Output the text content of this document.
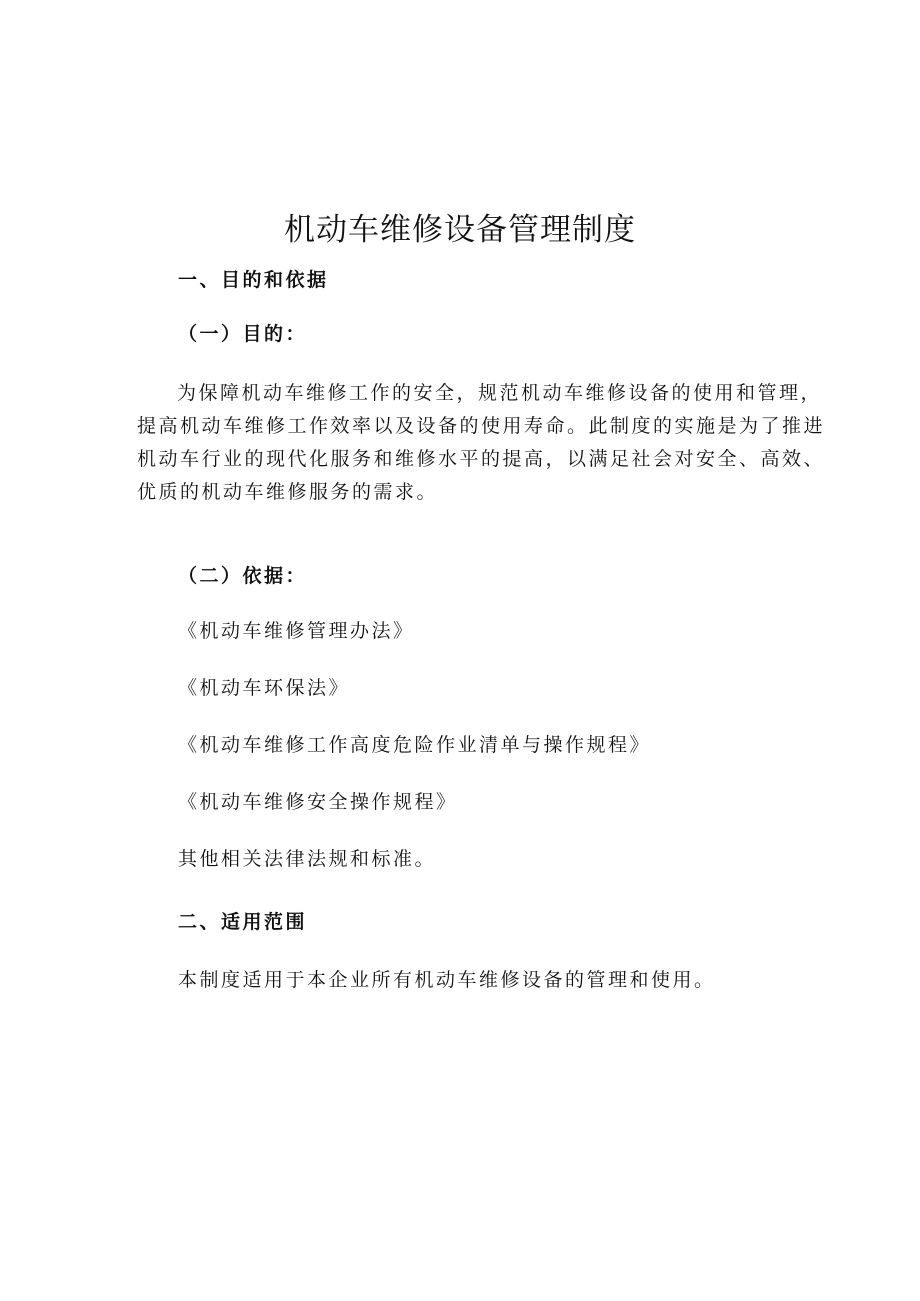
机动车维修设备管理制度

一、目的和依据

（一）目的：

为保障机动车维修工作的安全，规范机动车维修设备的使用和管理，
提高机动车维修工作效率以及设备的使用寿命。此制度的实施是为了推进
机动车行业的现代化服务和维修水平的提高，以满足社会对安全、高效、
优质的机动车维修服务的需求。

（二）依据：

《机动车维修管理办法》

《机动车环保法》

《机动车维修工作高度危险作业清单与操作规程》

《机动车维修安全操作规程》

其他相关法律法规和标准。

二、适用范围

本制度适用于本企业所有机动车维修设备的管理和使用。
